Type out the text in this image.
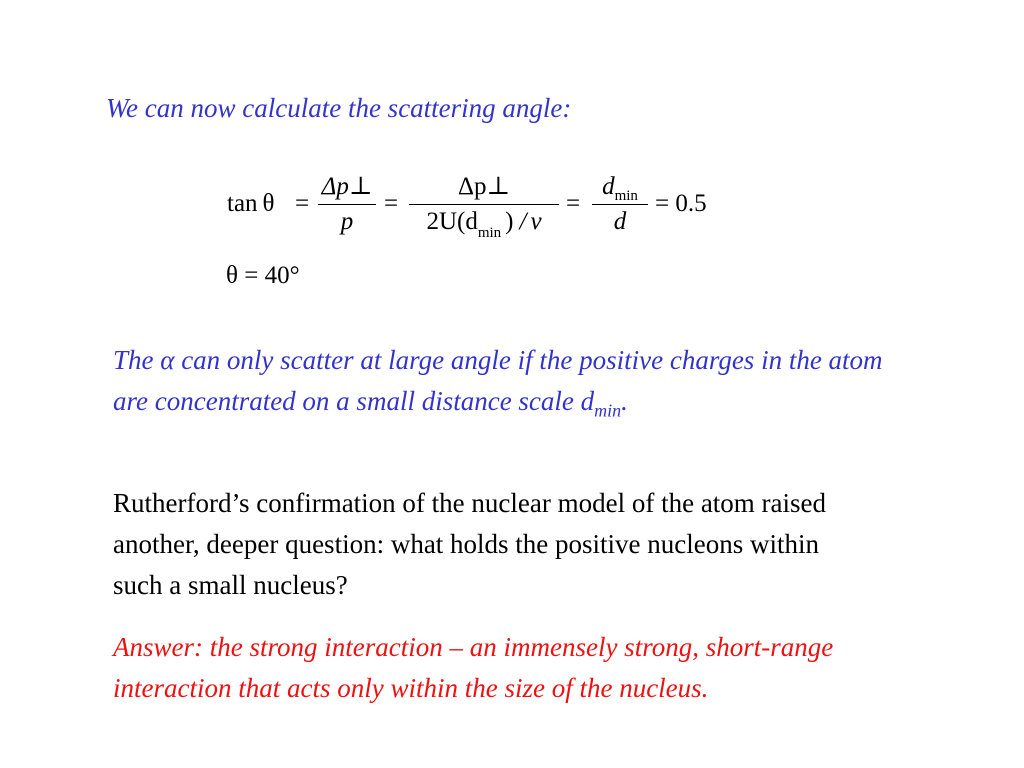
We can now calculate the scattering angle:
tan θ =
Δp⊥
p
=
Δp⊥
$2U(d_{min}$ ) / v
=
$d_{min}$
d
= 0.5
θ = 40°
The α can only scatter at large angle if the positive charges in the atom are concentrated on a small distance scale $d_{min}$.
Rutherford’s confirmation of the nuclear model of the atom raised another, deeper question: what holds the positive nucleons within such a small nucleus?
Answer: the strong interaction – an immensely strong, short-range interaction that acts only within the size of the nucleus.
